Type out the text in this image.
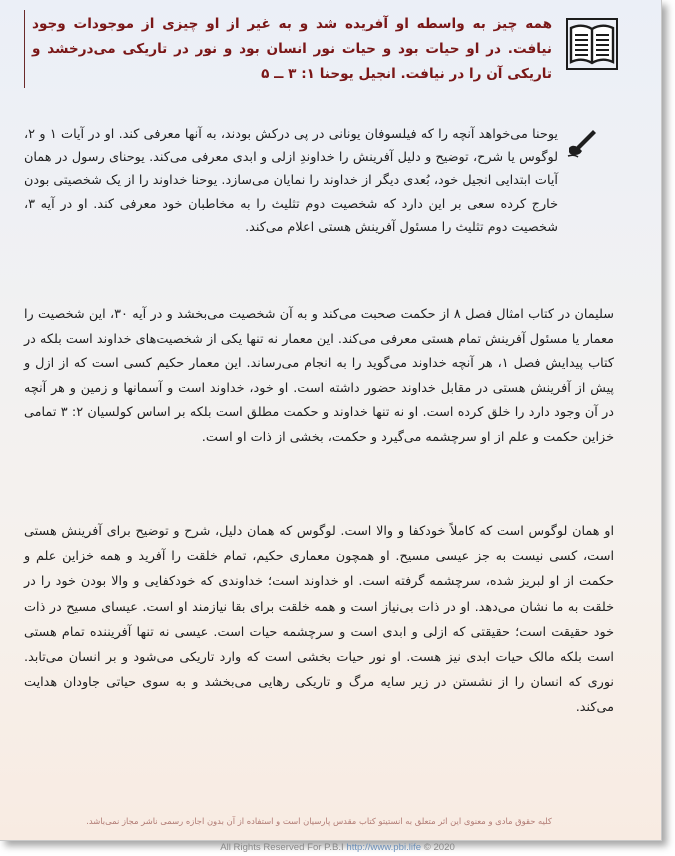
همه چیز به واسطه او آفریده شد و به غیر از او چیزی از موجودات وجود نیافت. در او حیات بود و حیات نور انسان بود و نور در تاریکی می‌درخشد و تاریکی آن را در نیافت. انجیل یوحنا ۱: ۳ ــ ۵
یوحنا می‌خواهد آنچه را که فیلسوفان یونانی در پی درکش بودند، به آنها معرفی کند. او در آیات ۱ و ۲، لوگوس یا شرح، توضیح و دلیل آفرینش را خداوندِ ازلی و ابدی معرفی می‌کند. یوحنای رسول در همان آیات ابتدایی انجیل خود، بُعدی دیگر از خداوند را نمایان می‌سازد. یوحنا خداوند را از یک شخصیتی بودن خارج کرده سعی بر این دارد که شخصیت دوم تثلیث را به مخاطبان خود معرفی کند. او در آیه ۳، شخصیت دوم تثلیث را مسئول آفرینش هستی اعلام می‌کند.
سلیمان در کتاب امثال فصل ۸ از حکمت صحبت می‌کند و به آن شخصیت می‌بخشد و در آیه ۳۰، این شخصیت را معمار یا مسئول آفرینش تمام هستی معرفی می‌کند. این معمار نه تنها یکی از شخصیت‌های خداوند است بلکه در کتاب پیدایش فصل ۱، هر آنچه خداوند می‌گوید را به انجام می‌رساند. این معمار حکیم کسی است که از ازل و پیش از آفرینش هستی در مقابل خداوند حضور داشته است. او خود، خداوند است و آسمانها و زمین و هر آنچه در آن وجود دارد را خلق کرده است. او نه تنها خداوند و حکمت مطلق است بلکه بر اساس کولسیان ۲: ۳ تمامی خزاین حکمت و علم از او سرچشمه می‌گیرد و حکمت، بخشی از ذات او است.
او همان لوگوس است که کاملاً خودکفا و والا است. لوگوس که همان دلیل، شرح و توضیح برای آفرینش هستی است، کسی نیست به جز عیسی مسیح. او همچون معماری حکیم، تمام خلقت را آفرید و همه خزاین علم و حکمت از او لبریز شده، سرچشمه گرفته است. او خداوند است؛ خداوندی که خودکفایی و والا بودن خود را در خلقت به ما نشان می‌دهد. او در ذات بی‌نیاز است و همه خلقت برای بقا نیازمند او است. عیسای مسیح در ذات خود حقیقت است؛ حقیقتی که ازلی و ابدی است و سرچشمه حیات است. عیسی نه تنها آفریننده تمام هستی است بلکه مالک حیات ابدی نیز هست. او نور حیات بخشی است که وارد تاریکی می‌شود و بر انسان می‌تابد. نوری که انسان را از نشستن در زیر سایه مرگ و تاریکی رهایی می‌بخشد و به سوی حیاتی جاودان هدایت می‌کند.
کلیه حقوق مادی و معنوی این اثر متعلق به انستیتو کتاب مقدس پارسیان است و استفاده از آن بدون اجازه رسمی ناشر مجاز نمی‌باشد.
All Rights Reserved For P.B.I http://www.pbi.life © 2020
